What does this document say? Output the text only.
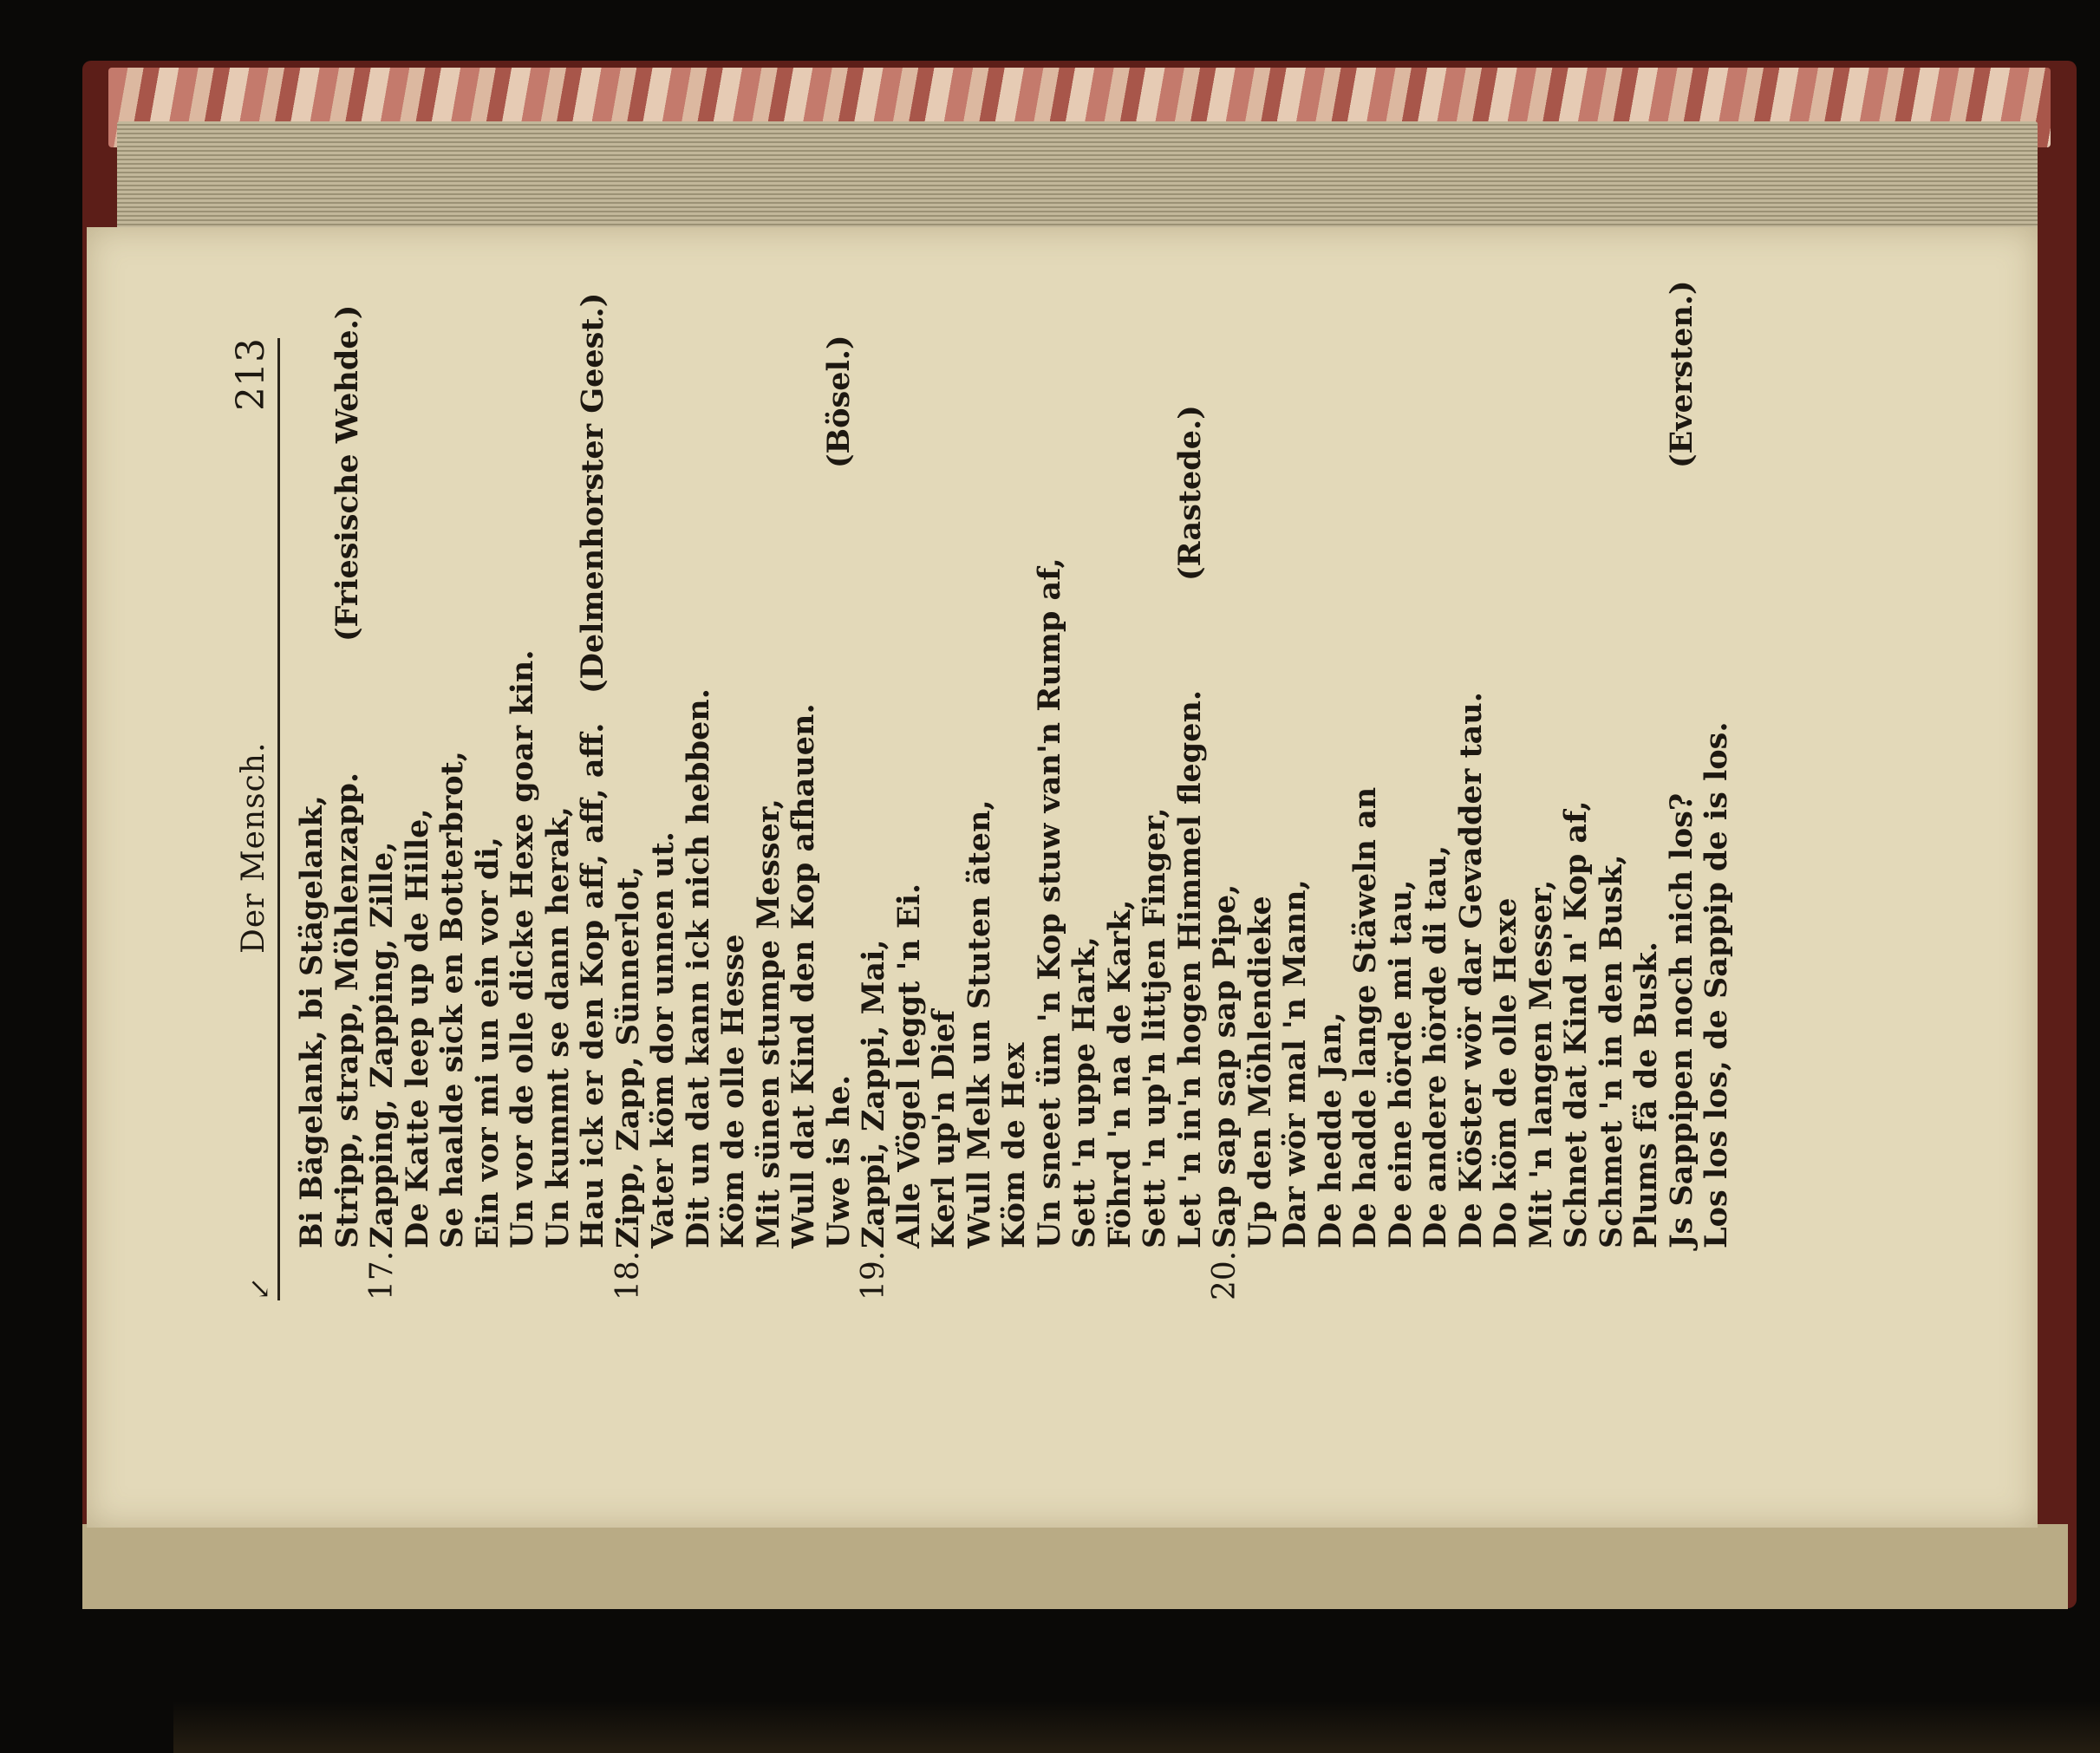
↙
Der Mensch.
213
Bi Bägelank, bi Stägelank, Stripp, strapp, Möhlenzapp.
(Friesische Wehde.)
17.
Zapping, Zapping, Zille, De Katte leep up de Hille, Se haalde sick en Botterbrot, Ein vor mi un ein vor di, Un vor de olle dicke Hexe goar kin. Un kummt se dann herak, Hau ick er den Kop aff, aff, aff.
(Delmenhorster Geest.)
18.
Zipp, Zapp, Sünnerlot, Vater köm dor unnen ut. Dit un dat kann ick nich hebben. Köm de olle Hesse Mit sünen stumpe Messer, Wull dat Kind den Kop afhauen. Uwe is he.
(Bösel.)
19.
Zappi, Zappi, Mai, Alle Vögel leggt 'n Ei. Kerl up'n Dief Wull Melk un Stuten äten, Köm de Hex Un sneet üm 'n Kop stuw van'n Rump af, Sett 'n uppe Hark, Föhrd 'n na de Kark, Sett 'n up'n littjen Finger, Let 'n in'n hogen Himmel flegen.
(Rastede.)
20.
Sap sap sap sap Pipe, Up den Möhlendieke Dar wör mal 'n Mann, De hedde Jan, De hadde lange Stäweln an De eine hörde mi tau, De andere hörde di tau, De Köster wör dar Gevadder tau. Do köm de olle Hexe Mit 'n langen Messer, Schnet dat Kind n' Kop af, Schmet 'n in den Busk, Plums fä de Busk. Js Sappipen noch nich los? Los los los, de Sappip de is los.
(Eversten.)
